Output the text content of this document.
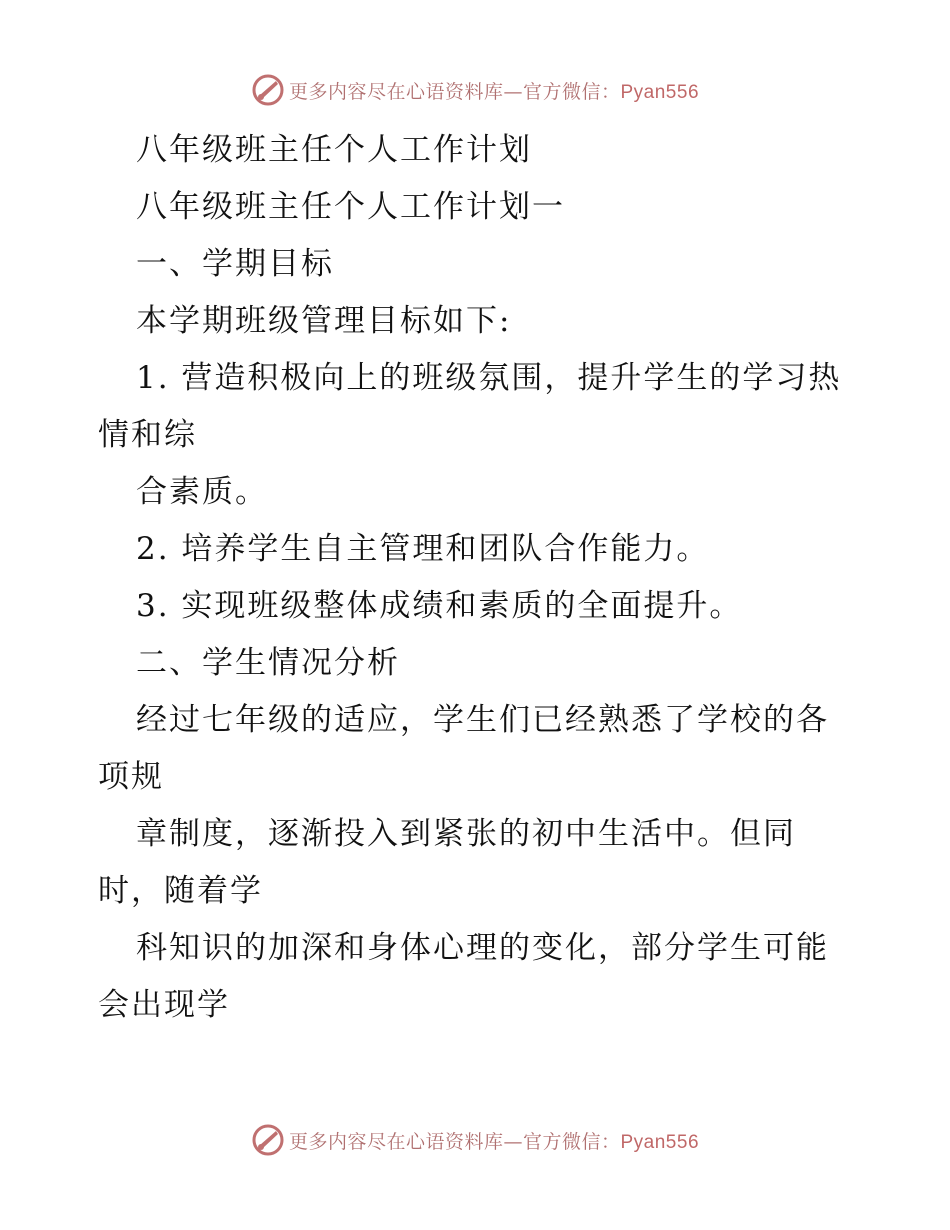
更多内容尽在心语资料库—官方微信：Pyan556
八年级班主任个人工作计划
八年级班主任个人工作计划一
一、学期目标
本学期班级管理目标如下:
1. 营造积极向上的班级氛围，提升学生的学习热
情和综
合素质。
2. 培养学生自主管理和团队合作能力。
3. 实现班级整体成绩和素质的全面提升。
二、学生情况分析
经过七年级的适应，学生们已经熟悉了学校的各
项规
章制度，逐渐投入到紧张的初中生活中。但同
时，随着学
科知识的加深和身体心理的变化，部分学生可能
会出现学
更多内容尽在心语资料库—官方微信：Pyan556
